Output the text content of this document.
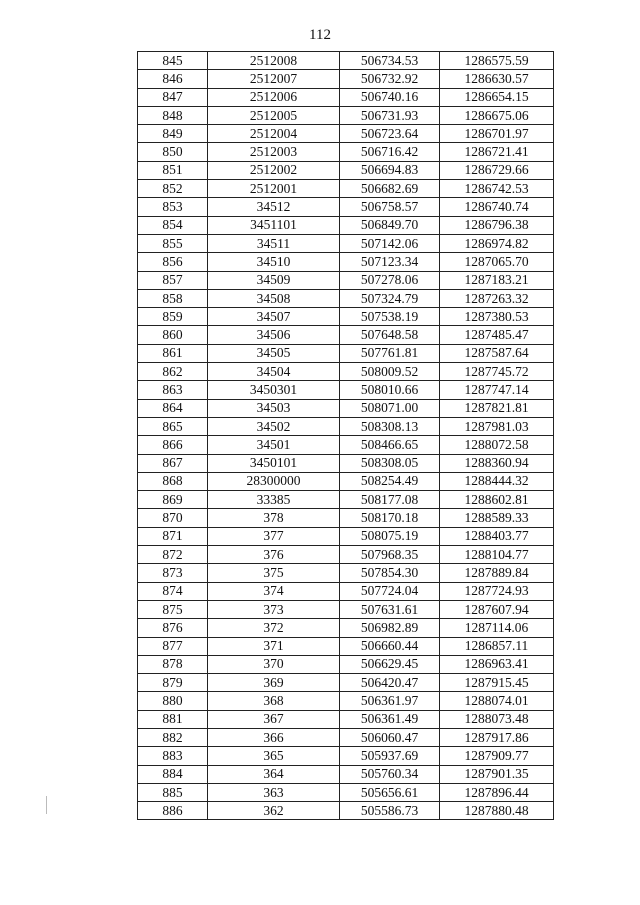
112
845	2512008	506734.53	1286575.59
846	2512007	506732.92	1286630.57
847	2512006	506740.16	1286654.15
848	2512005	506731.93	1286675.06
849	2512004	506723.64	1286701.97
850	2512003	506716.42	1286721.41
851	2512002	506694.83	1286729.66
852	2512001	506682.69	1286742.53
853	34512	506758.57	1286740.74
854	3451101	506849.70	1286796.38
855	34511	507142.06	1286974.82
856	34510	507123.34	1287065.70
857	34509	507278.06	1287183.21
858	34508	507324.79	1287263.32
859	34507	507538.19	1287380.53
860	34506	507648.58	1287485.47
861	34505	507761.81	1287587.64
862	34504	508009.52	1287745.72
863	3450301	508010.66	1287747.14
864	34503	508071.00	1287821.81
865	34502	508308.13	1287981.03
866	34501	508466.65	1288072.58
867	3450101	508308.05	1288360.94
868	28300000	508254.49	1288444.32
869	33385	508177.08	1288602.81
870	378	508170.18	1288589.33
871	377	508075.19	1288403.77
872	376	507968.35	1288104.77
873	375	507854.30	1287889.84
874	374	507724.04	1287724.93
875	373	507631.61	1287607.94
876	372	506982.89	1287114.06
877	371	506660.44	1286857.11
878	370	506629.45	1286963.41
879	369	506420.47	1287915.45
880	368	506361.97	1288074.01
881	367	506361.49	1288073.48
882	366	506060.47	1287917.86
883	365	505937.69	1287909.77
884	364	505760.34	1287901.35
885	363	505656.61	1287896.44
886	362	505586.73	1287880.48
